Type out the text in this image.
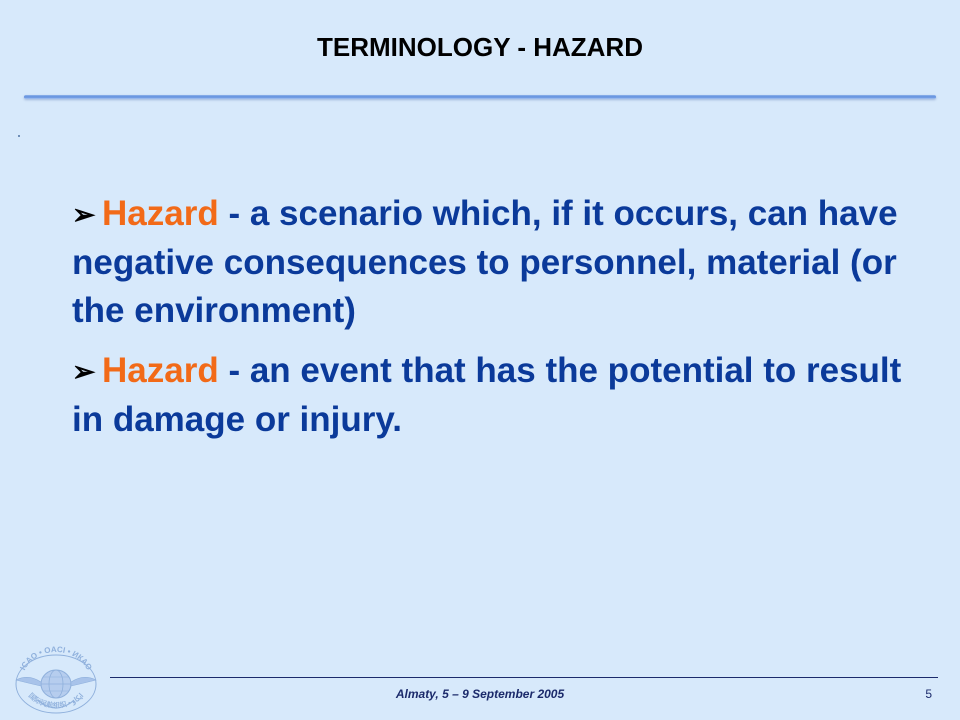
TERMINOLOGY - HAZARD
➢ Hazard - a scenario which, if it occurs, can have negative consequences to personnel, material (or the environment)
➢ Hazard - an event that has the potential to result in damage or injury.
ICAO • OACI • ИКАО
国际民航组织 • ايكاو	Almaty, 5 – 9 September 2005	5
